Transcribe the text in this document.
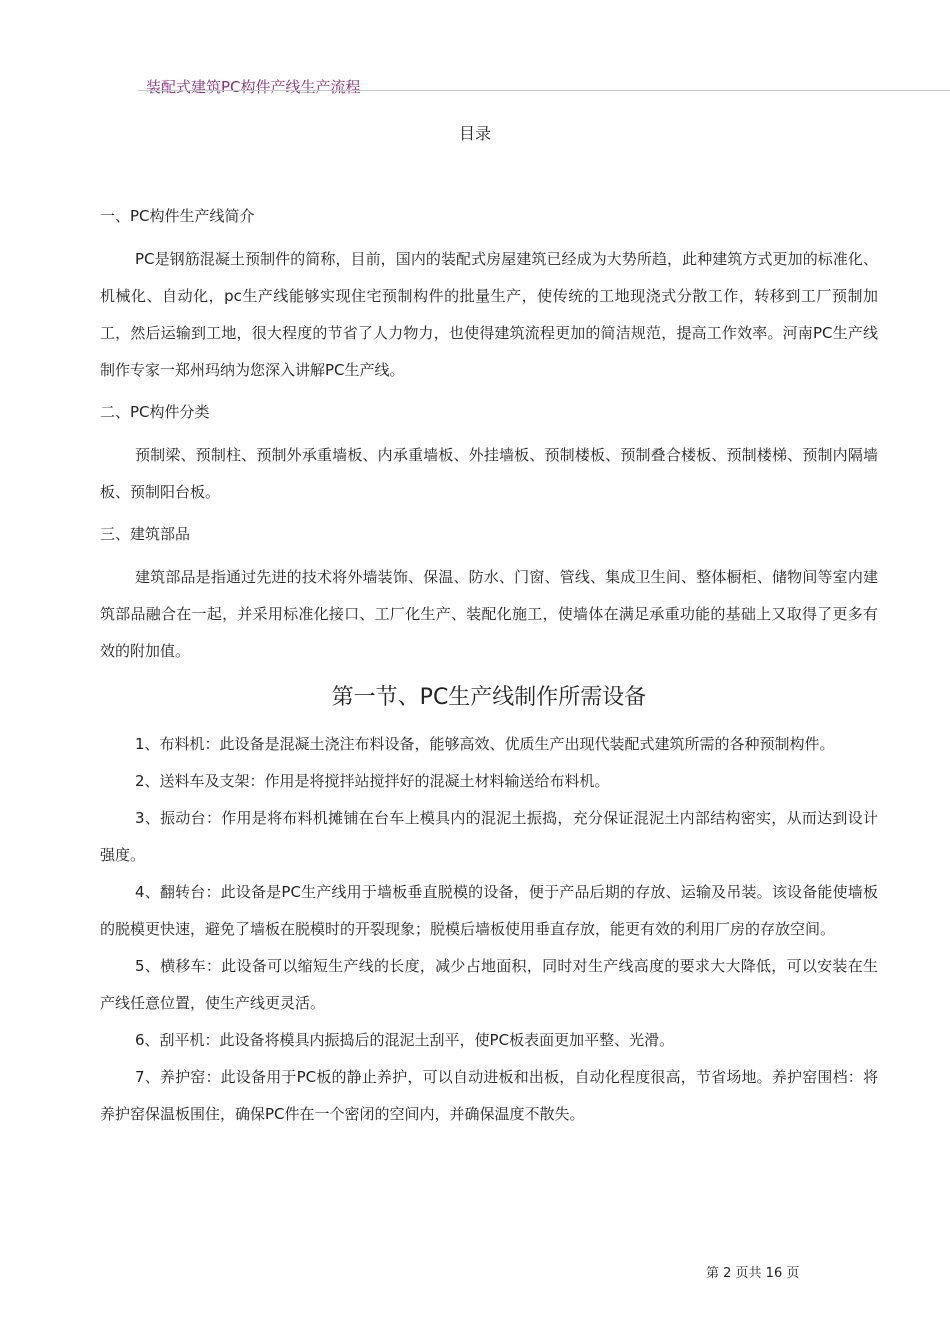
装配式建筑PC构件产线生产流程
目录
一、PC构件生产线简介

PC是钢筋混凝土预制件的简称，目前，国内的装配式房屋建筑已经成为大势所趋，此种建筑方式更加的标准化、机械化、自动化，pc生产线能够实现住宅预制构件的批量生产，使传统的工地现浇式分散工作，转移到工厂预制加工，然后运输到工地，很大程度的节省了人力物力，也使得建筑流程更加的简洁规范，提高工作效率。河南PC生产线制作专家一郑州玛纳为您深入讲解PC生产线。

二、PC构件分类

预制梁、预制柱、预制外承重墙板、内承重墙板、外挂墙板、预制楼板、预制叠合楼板、预制楼梯、预制内隔墙板、预制阳台板。

三、建筑部品

建筑部品是指通过先进的技术将外墙装饰、保温、防水、门窗、管线、集成卫生间、整体橱柜、储物间等室内建筑部品融合在一起，并采用标准化接口、工厂化生产、装配化施工，使墙体在满足承重功能的基础上又取得了更多有效的附加值。

第一节、PC生产线制作所需设备

1、布料机：此设备是混凝土浇注布料设备，能够高效、优质生产出现代装配式建筑所需的各种预制构件。

2、送料车及支架：作用是将搅拌站搅拌好的混凝土材料输送给布料机。

3、振动台：作用是将布料机摊铺在台车上模具内的混泥土振捣，充分保证混泥土内部结构密实，从而达到设计强度。

4、翻转台：此设备是PC生产线用于墙板垂直脱模的设备，便于产品后期的存放、运输及吊装。该设备能使墙板的脱模更快速，避免了墙板在脱模时的开裂现象；脱模后墙板使用垂直存放，能更有效的利用厂房的存放空间。

5、横移车：此设备可以缩短生产线的长度，减少占地面积，同时对生产线高度的要求大大降低，可以安装在生产线任意位置，使生产线更灵活。

6、刮平机：此设备将模具内振捣后的混泥土刮平，使PC板表面更加平整、光滑。

7、养护窑：此设备用于PC板的静止养护，可以自动进板和出板，自动化程度很高，节省场地。养护窑围档：将养护窑保温板围住，确保PC件在一个密闭的空间内，并确保温度不散失。

第 2 页共 16 页
